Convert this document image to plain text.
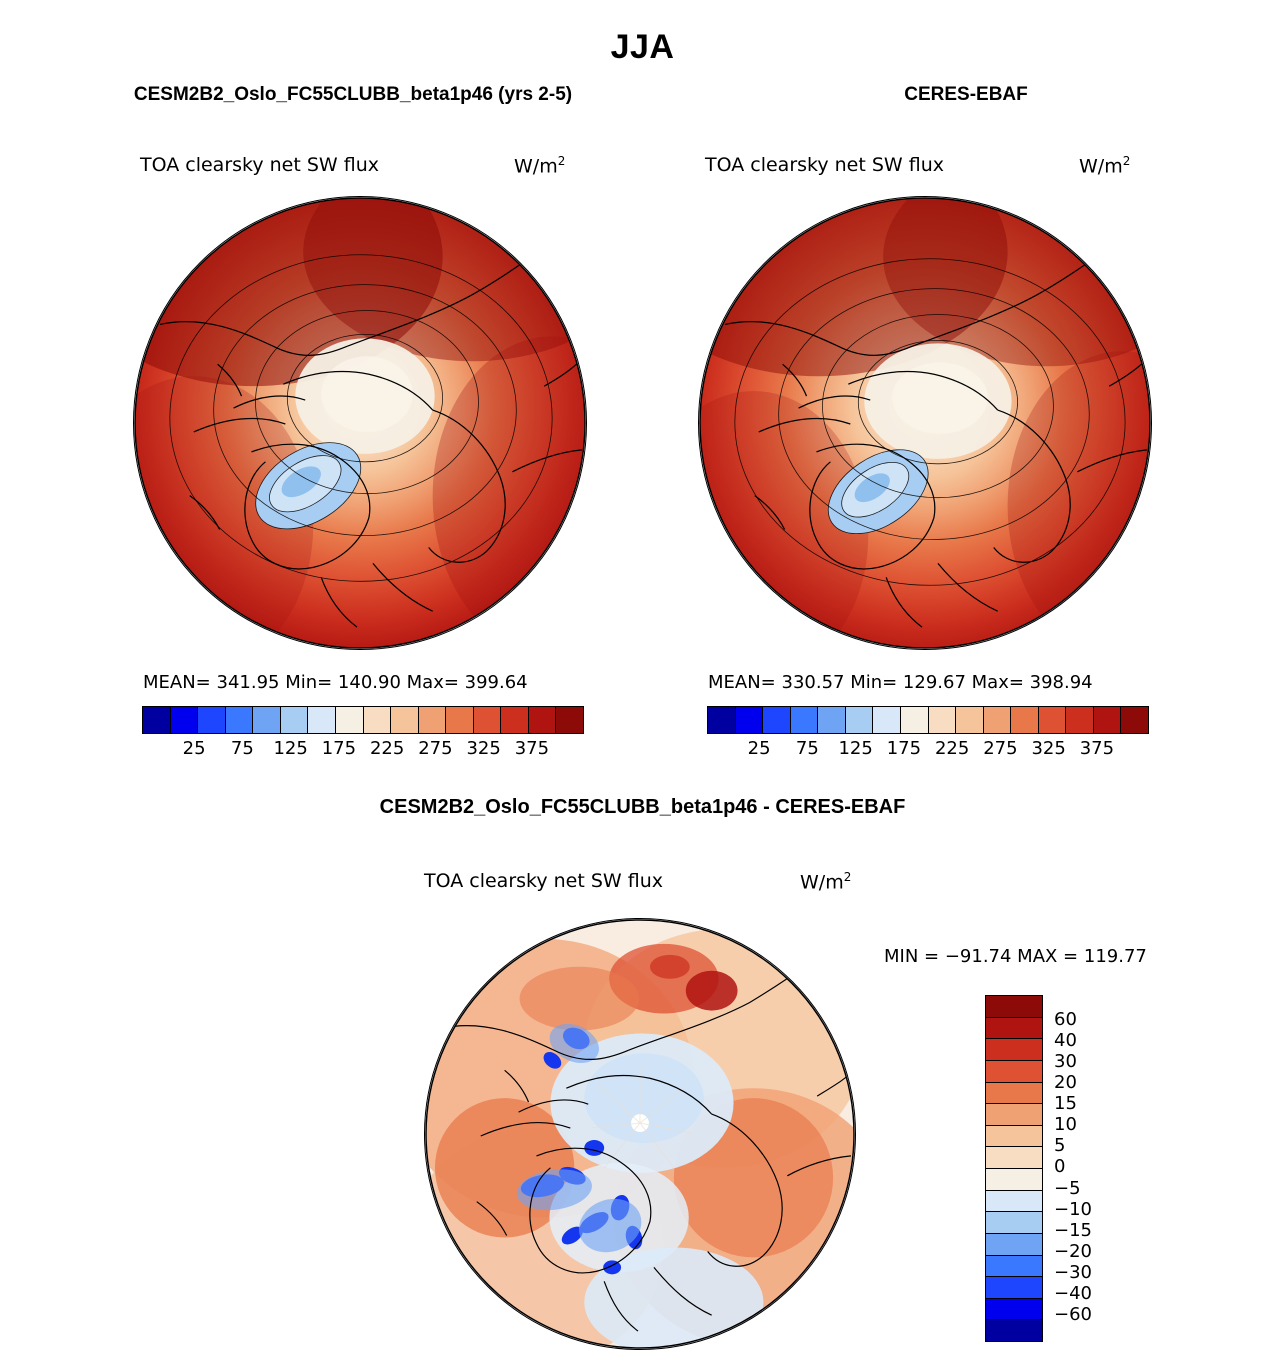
JJA
CESM2B2_Oslo_FC55CLUBB_beta1p46 (yrs 2-5)
TOA clearsky net SW flux	$W/m^2$
MEAN= 341.95 Min= 140.90 Max= 399.64
25	75	125 175 225 275 325 375
CERES-EBAF
TOA clearsky net SW flux	$W/m^2$
MEAN= 330.57 Min= 129.67 Max= 398.94
25	75	125 175 225 275 325 375
CESM2B2_Oslo_FC55CLUBB_beta1p46 - CERES-EBAF
TOA clearsky net SW flux	$W/m^2$
MIN = −91.74 MAX = 119.77
60
40
30
20
15
10
5
0
−5
−10
−15
−20
−30
−40
−60
